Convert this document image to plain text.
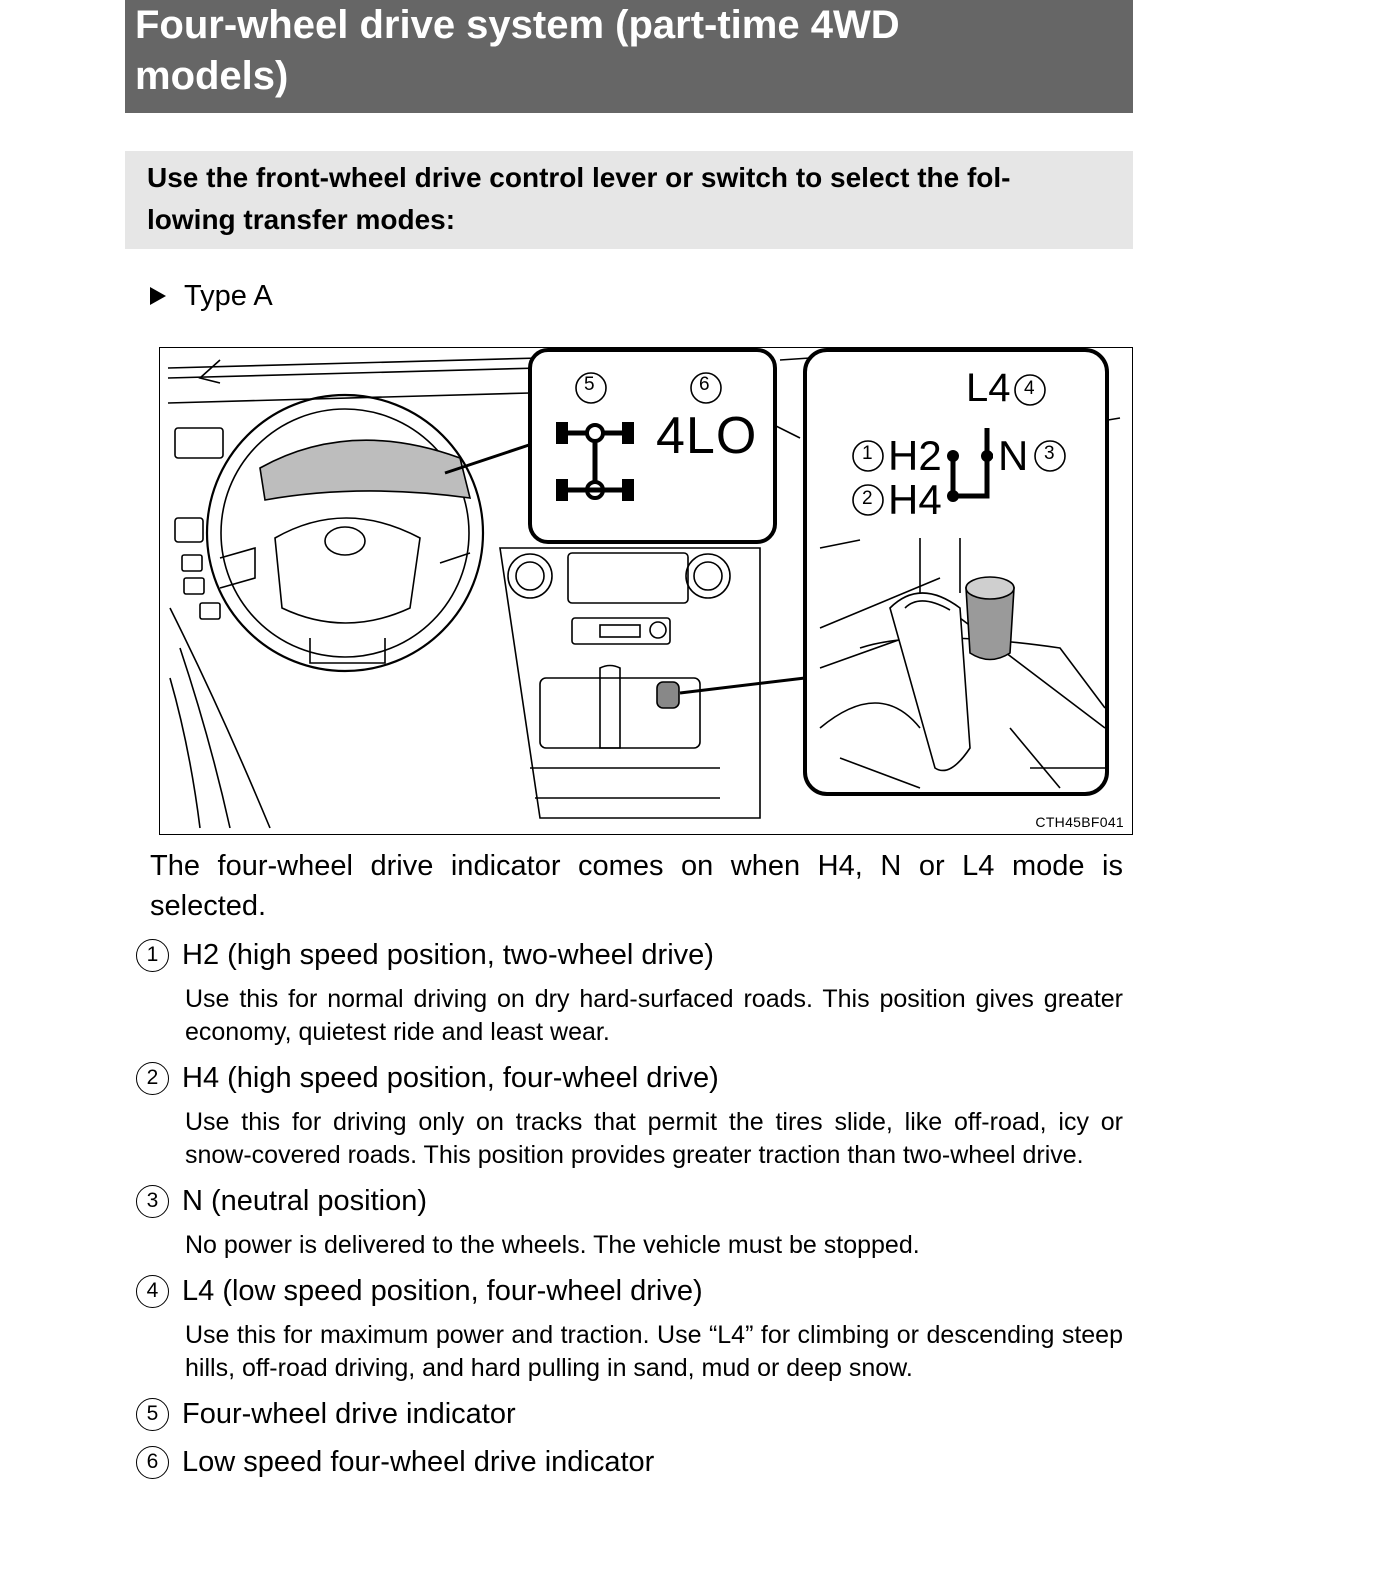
Four-wheel drive system (part-time 4WD
models)
Use the front-wheel drive control lever or switch to select the fol-
lowing transfer modes:
Type A
5	6
4LO	1 H2
2 H4
3
N
4
L4
CTH45BF041
The four-wheel drive indicator comes on when H4, N or L4 mode is selected.
1 H2 (high speed position, two-wheel drive)
Use this for normal driving on dry hard-surfaced roads. This position gives greater economy, quietest ride and least wear.
2 H4 (high speed position, four-wheel drive)
Use this for driving only on tracks that permit the tires slide, like off-road, icy or snow-covered roads. This position provides greater traction than two-wheel drive.
3 N (neutral position)
No power is delivered to the wheels. The vehicle must be stopped.
4 L4 (low speed position, four-wheel drive)
Use this for maximum power and traction. Use “L4” for climbing or descending steep hills, off-road driving, and hard pulling in sand, mud or deep snow.
5 Four-wheel drive indicator
6 Low speed four-wheel drive indicator
